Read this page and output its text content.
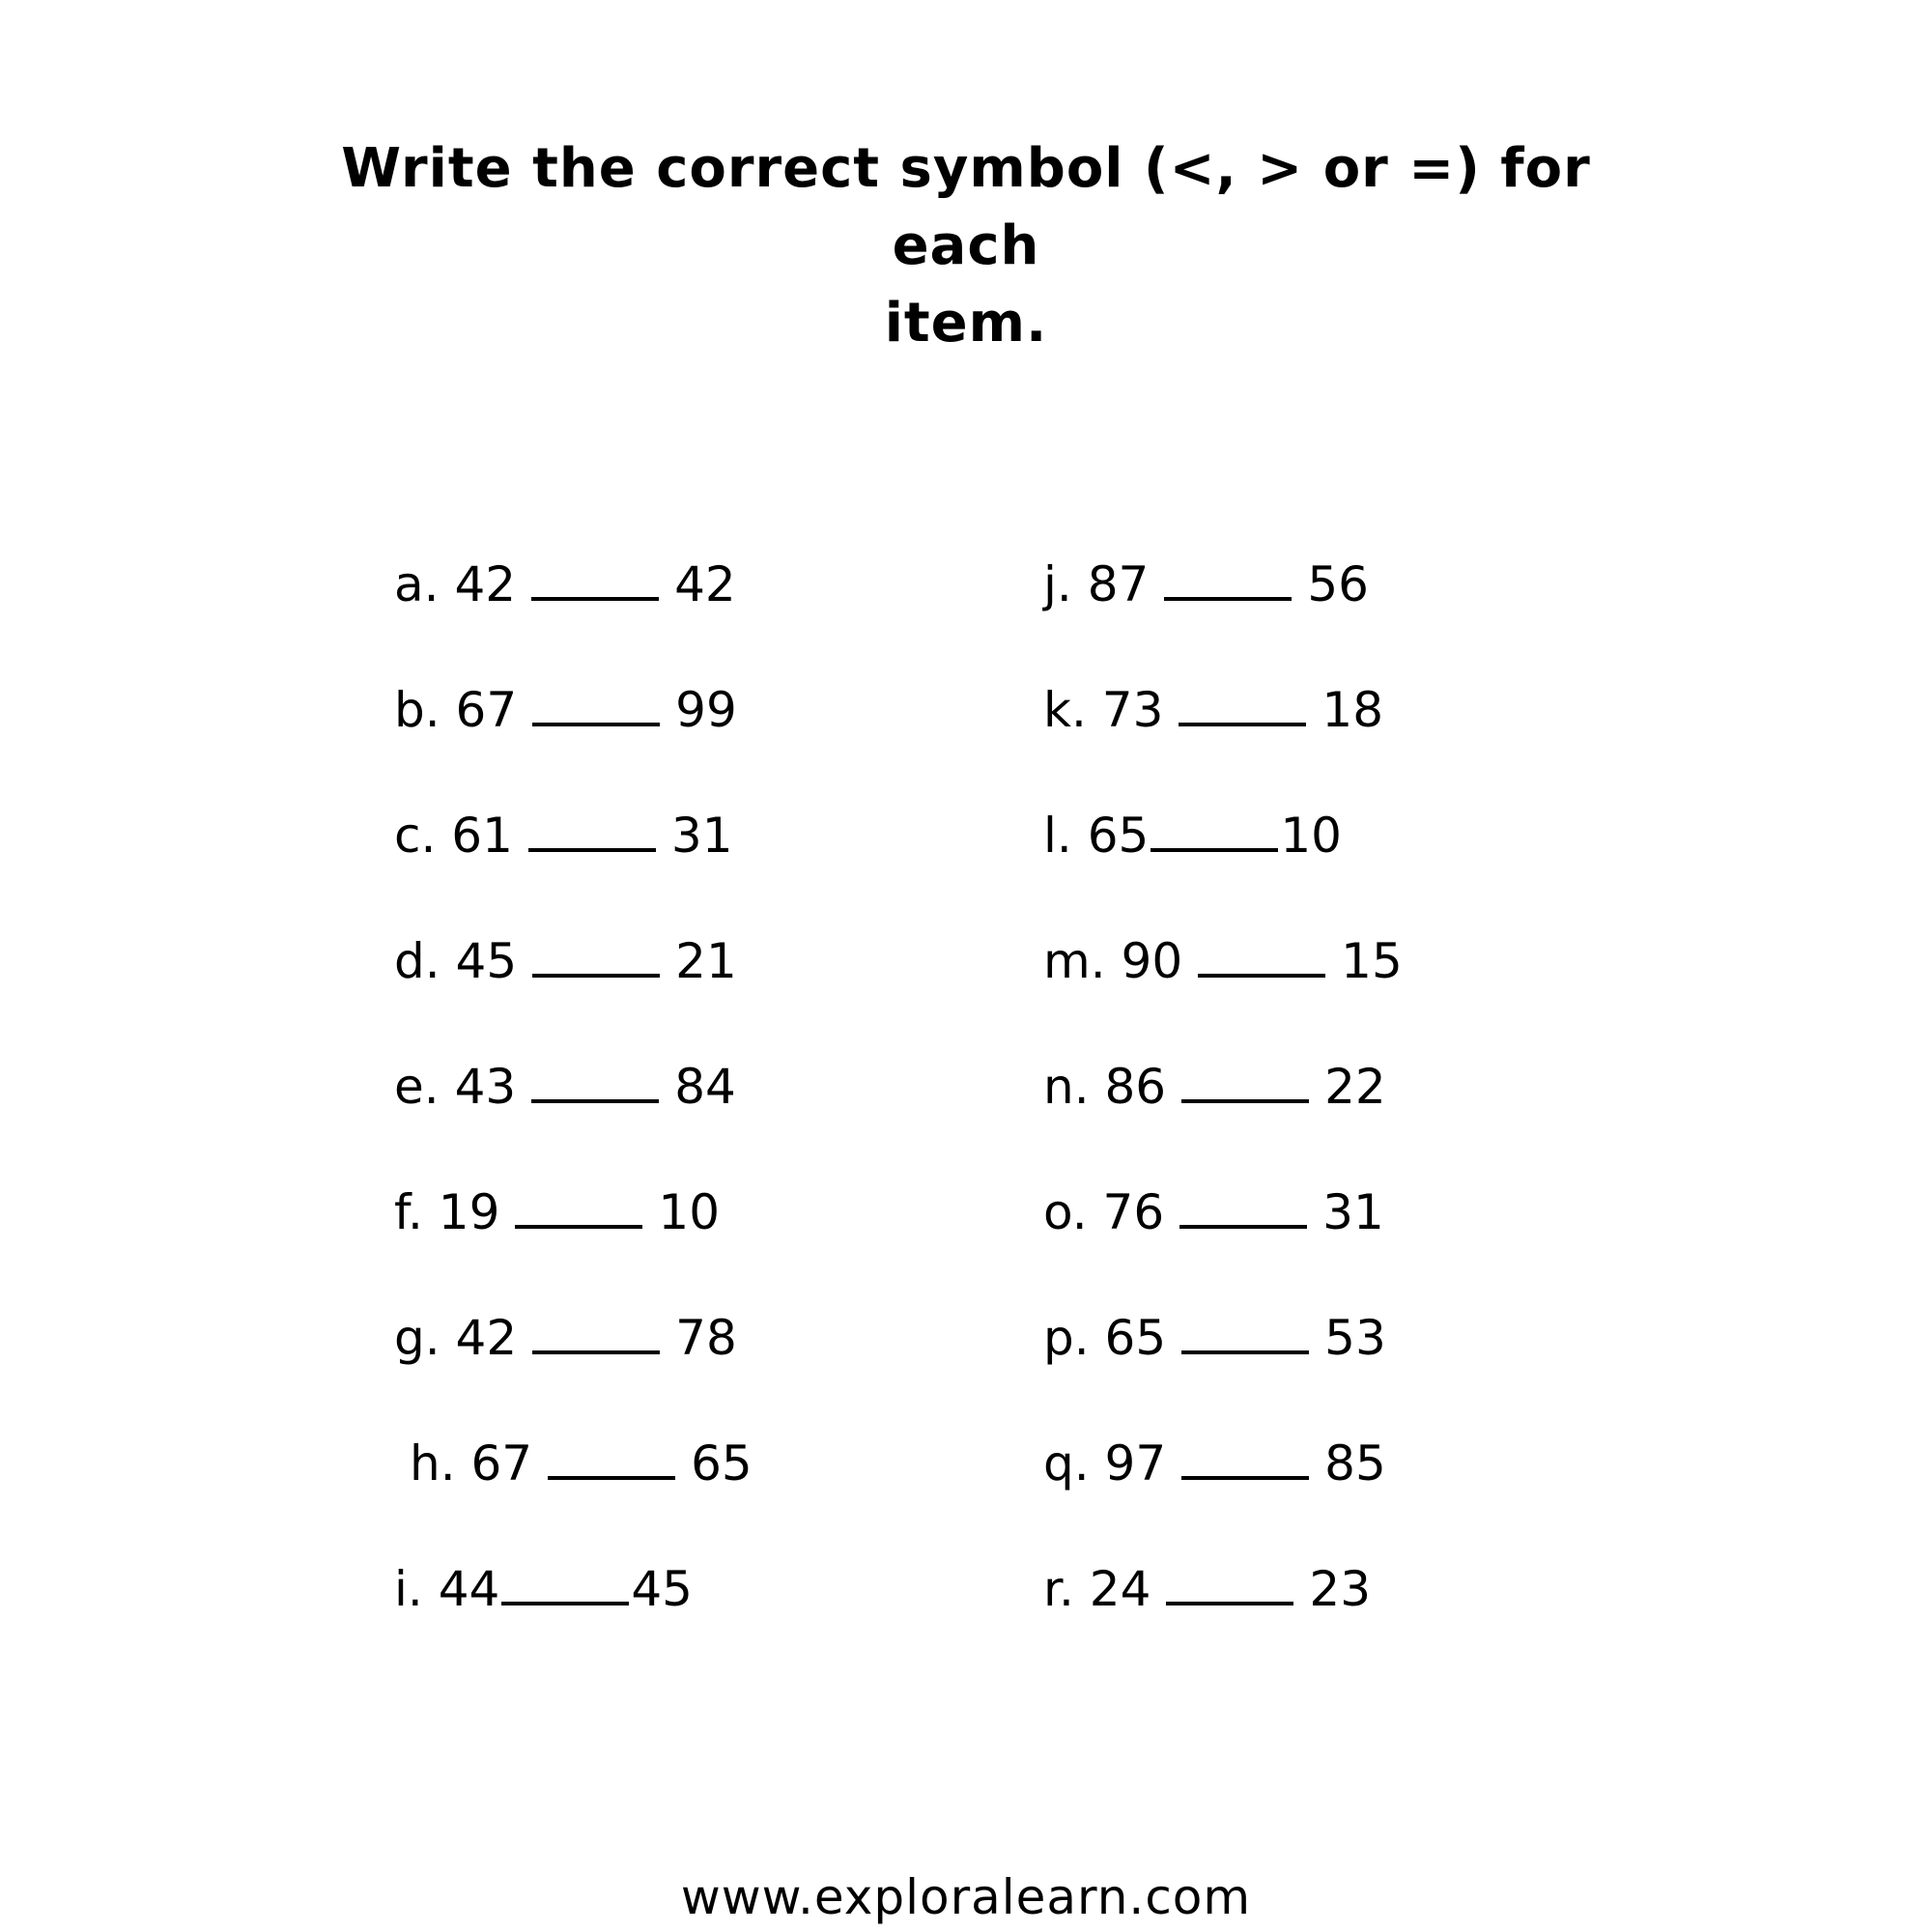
Write the correct symbol (<, > or =) for each
item.
a. 42	42
b. 67	99
c. 61	31
d. 45	21
e. 43	84
f. 19	10
g. 42	78
h. 67	65
i. 44	45
j. 87	56
k. 73	18
l. 65	10
m. 90	15
n. 86	22
o. 76	31
p. 65	53
q. 97	85
r. 24	23
www.exploralearn.com
